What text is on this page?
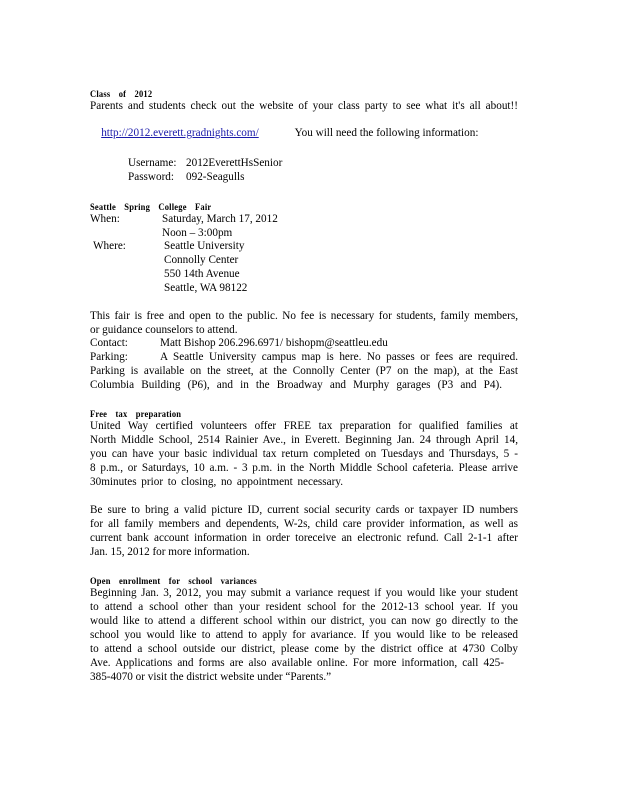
Class of 2012
Parents and students check out the website of your class party to see what it's all about!!

http://2012.everett.gradnights.com/	You will need the following information:

Username: 2012EverettHsSenior
Password: 092-Seagulls
Seattle Spring College Fair
When:	Saturday, March 17, 2012
Noon – 3:00pm
Where:	Seattle University
Connolly Center
550 14th Avenue
Seattle, WA 98122
This fair is free and open to the public. No fee is necessary for students, family members,
or guidance counselors to attend.
Contact:	Matt Bishop 206.296.6971/ bishopm@seattleu.edu
Parking:	A Seattle University campus map is here. No passes or fees are required.
Parking is available on the street, at the Connolly Center (P7 on the map), at the East
Columbia Building (P6), and in the Broadway and Murphy garages (P3 and P4).
Free tax preparation
United Way certified volunteers offer FREE tax preparation for qualified families at
North Middle School, 2514 Rainier Ave., in Everett. Beginning Jan. 24 through April 14,
you can have your basic individual tax return completed on Tuesdays and Thursdays, 5 -
8 p.m., or Saturdays, 10 a.m. - 3 p.m. in the North Middle School cafeteria. Please arrive
30minutes prior to closing, no appointment necessary.
Be sure to bring a valid picture ID, current social security cards or taxpayer ID numbers
for all family members and dependents, W-2s, child care provider information, as well as
current bank account information in order toreceive an electronic refund. Call 2-1-1 after
Jan. 15, 2012 for more information.
Open enrollment for school variances
Beginning Jan. 3, 2012, you may submit a variance request if you would like your student
to attend a school other than your resident school for the 2012-13 school year. If you
would like to attend a different school within our district, you can now go directly to the
school you would like to attend to apply for avariance. If you would like to be released
to attend a school outside our district, please come by the district office at 4730 Colby
Ave. Applications and forms are also available online. For more information, call 425-
385-4070 or visit the district website under “Parents.”
